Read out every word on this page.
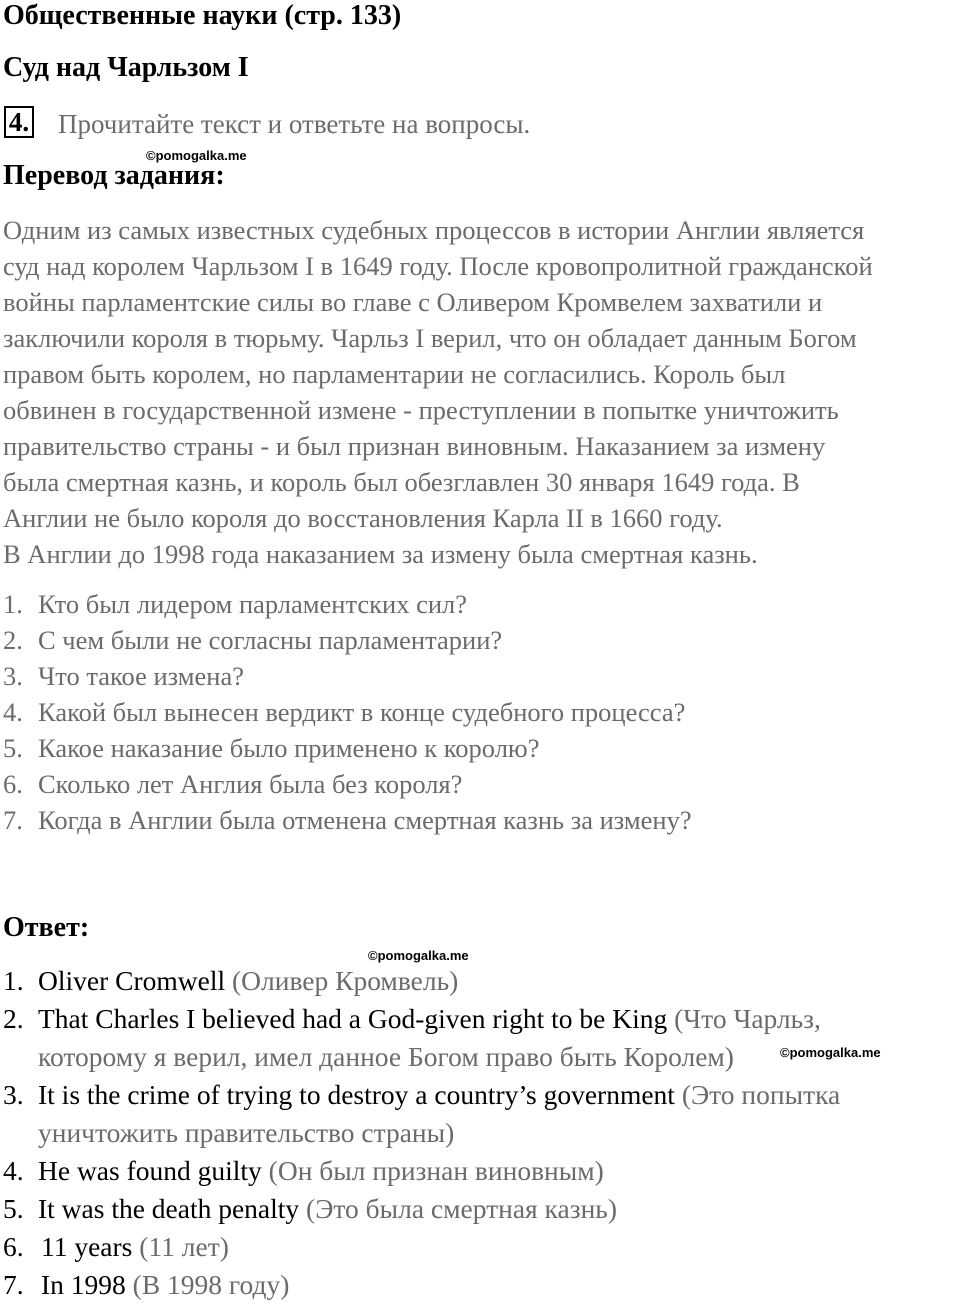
Общественные науки (стр. 133)
Суд над Чарльзом I
4. Прочитайте текст и ответьте на вопросы.
©pomogalka.me
Перевод задания:
Одним из самых известных судебных процессов в истории Англии является
суд над королем Чарльзом I в 1649 году. После кровопролитной гражданской
войны парламентские силы во главе с Оливером Кромвелем захватили и
заключили короля в тюрьму. Чарльз I верил, что он обладает данным Богом
правом быть королем, но парламентарии не согласились. Король был
обвинен в государственной измене - преступлении в попытке уничтожить
правительство страны - и был признан виновным. Наказанием за измену
была смертная казнь, и король был обезглавлен 30 января 1649 года. В
Англии не было короля до восстановления Карла II в 1660 году.
В Англии до 1998 года наказанием за измену была смертная казнь.
1. Кто был лидером парламентских сил?
2. С чем были не согласны парламентарии?
3. Что такое измена?
4. Какой был вынесен вердикт в конце судебного процесса?
5. Какое наказание было применено к королю?
6. Сколько лет Англия была без короля?
7. Когда в Англии была отменена смертная казнь за измену?
Ответ:
©pomogalka.me
©pomogalka.me
1. Oliver Cromwell (Оливер Кромвель)
2. That Charles I believed had a God-given right to be King (Что Чарльз,
которому я верил, имел данное Богом право быть Королем)
3. It is the crime of trying to destroy a country’s government (Это попытка
уничтожить правительство страны)
4. He was found guilty (Он был признан виновным)
5. It was the death penalty (Это была смертная казнь)
6. 11 years (11 лет)
7. In 1998 (В 1998 году)
